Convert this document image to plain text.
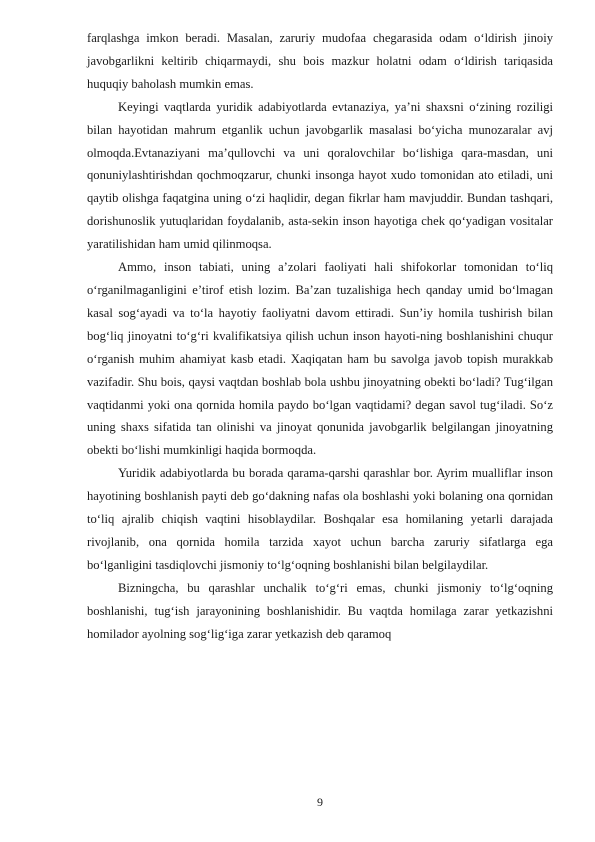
farqlashga imkon beradi. Masalan, zaruriy mudofaa chegarasida odam o‘ldirish jinoiy javobgarlikni keltirib chiqarmaydi, shu bois mazkur holatni odam o‘ldirish tariqasida huquqiy baholash mumkin emas.

Keyingi vaqtlarda yuridik adabiyotlarda evtanaziya, ya’ni shaxsni o‘zining roziligi bilan hayotidan mahrum etganlik uchun javobgarlik masalasi bo‘yicha munozaralar avj olmoqda.Evtanaziyani ma’qullovchi va uni qoralovchilar bo‘lishiga qara-masdan, uni qonuniylashtirishdan qochmoqzarur, chunki insonga hayot xudo tomonidan ato etiladi, uni qaytib olishga faqatgina uning o‘zi haqlidir, degan fikrlar ham mavjuddir. Bundan tashqari, dorishunoslik yutuqlaridan foydalanib, asta-sekin inson hayotiga chek qo‘yadigan vositalar yaratilishidan ham umid qilinmoqsa.

Ammo, inson tabiati, uning a’zolari faoliyati hali shifokorlar tomonidan to‘liq o‘rganilmaganligini e’tirof etish lozim. Ba’zan tuzalishiga hech qanday umid bo‘lmagan kasal sog‘ayadi va to‘la hayotiy faoliyatni davom ettiradi. Sun’iy homila tushirish bilan bog‘liq jinoyatni to‘g‘ri kvalifikatsiya qilish uchun inson hayoti-ning boshlanishini chuqur o‘rganish muhim ahamiyat kasb etadi. Xaqiqatan ham bu savolga javob topish murakkab vazifadir. Shu bois, qaysi vaqtdan boshlab bola ushbu jinoyatning obekti bo‘ladi? Tug‘ilgan vaqtidanmi yoki ona qornida homila paydo bo‘lgan vaqtidami? degan savol tug‘iladi. So‘z uning shaxs sifatida tan olinishi va jinoyat qonunida javobgarlik belgilangan jinoyatning obekti bo‘lishi mumkinligi haqida bormoqda.

Yuridik adabiyotlarda bu borada qarama-qarshi qarashlar bor. Ayrim mualliflar inson hayotining boshlanish payti deb go‘dakning nafas ola boshlashi yoki bolaning ona qornidan to‘liq ajralib chiqish vaqtini hisoblaydilar. Boshqalar esa homilaning yetarli darajada rivojlanib, ona qornida homila tarzida xayot uchun barcha zaruriy sifatlarga ega bo‘lganligini tasdiqlovchi jismoniy to‘lg‘oqning boshlanishi bilan belgilaydilar.

Bizningcha, bu qarashlar unchalik to‘g‘ri emas, chunki jismoniy to‘lg‘oqning boshlanishi, tug‘ish jarayonining boshlanishidir. Bu vaqtda homilaga zarar yetkazishni homilador ayolning sog‘lig‘iga zarar yetkazish deb qaramoq

9
